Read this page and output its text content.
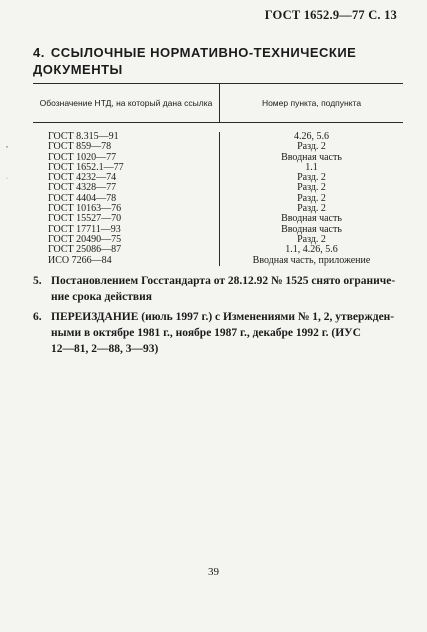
ГОСТ 1652.9—77 С. 13
4. ССЫЛОЧНЫЕ НОРМАТИВНО-ТЕХНИЧЕСКИЕ ДОКУМЕНТЫ
Обозначение НТД, на который дана ссылка	Номер пункта, подпункта
ГОСТ 8.315—91
ГОСТ 859—78
ГОСТ 1020—77
ГОСТ 1652.1—77
ГОСТ 4232—74
ГОСТ 4328—77
ГОСТ 4404—78
ГОСТ 10163—76
ГОСТ 15527—70
ГОСТ 17711—93
ГОСТ 20490—75
ГОСТ 25086—87
ИСО 7266—84
4.26, 5.6
Разд. 2
Вводная часть
1.1
Разд. 2
Разд. 2
Разд. 2
Разд. 2
Вводная часть
Вводная часть
Разд. 2
1.1, 4.26, 5.6
Вводная часть, приложение
5. Постановлением Госстандарта от 28.12.92 № 1525 снято ограниче-
ние срока действия
6. ПЕРЕИЗДАНИЕ (июль 1997 г.) с Изменениями № 1, 2, утвержден-
ными в октябре 1981 г., ноябре 1987 г., декабре 1992 г. (ИУС
12—81, 2—88, 3—93)
39
,
·
